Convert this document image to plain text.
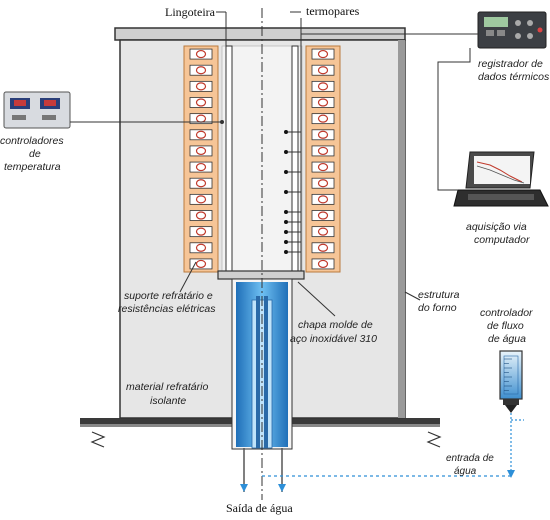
Lingoteira	termopares
registrador de
dados térmicos
controladores
de
temperatura
aquisição via
computador
suporte refratário e
resistências elétricas
estrutura
do forno
chapa molde de
aço inoxidável 310
controlador
de fluxo
de água
material refratário
isolante
entrada de
água
Saída de água
